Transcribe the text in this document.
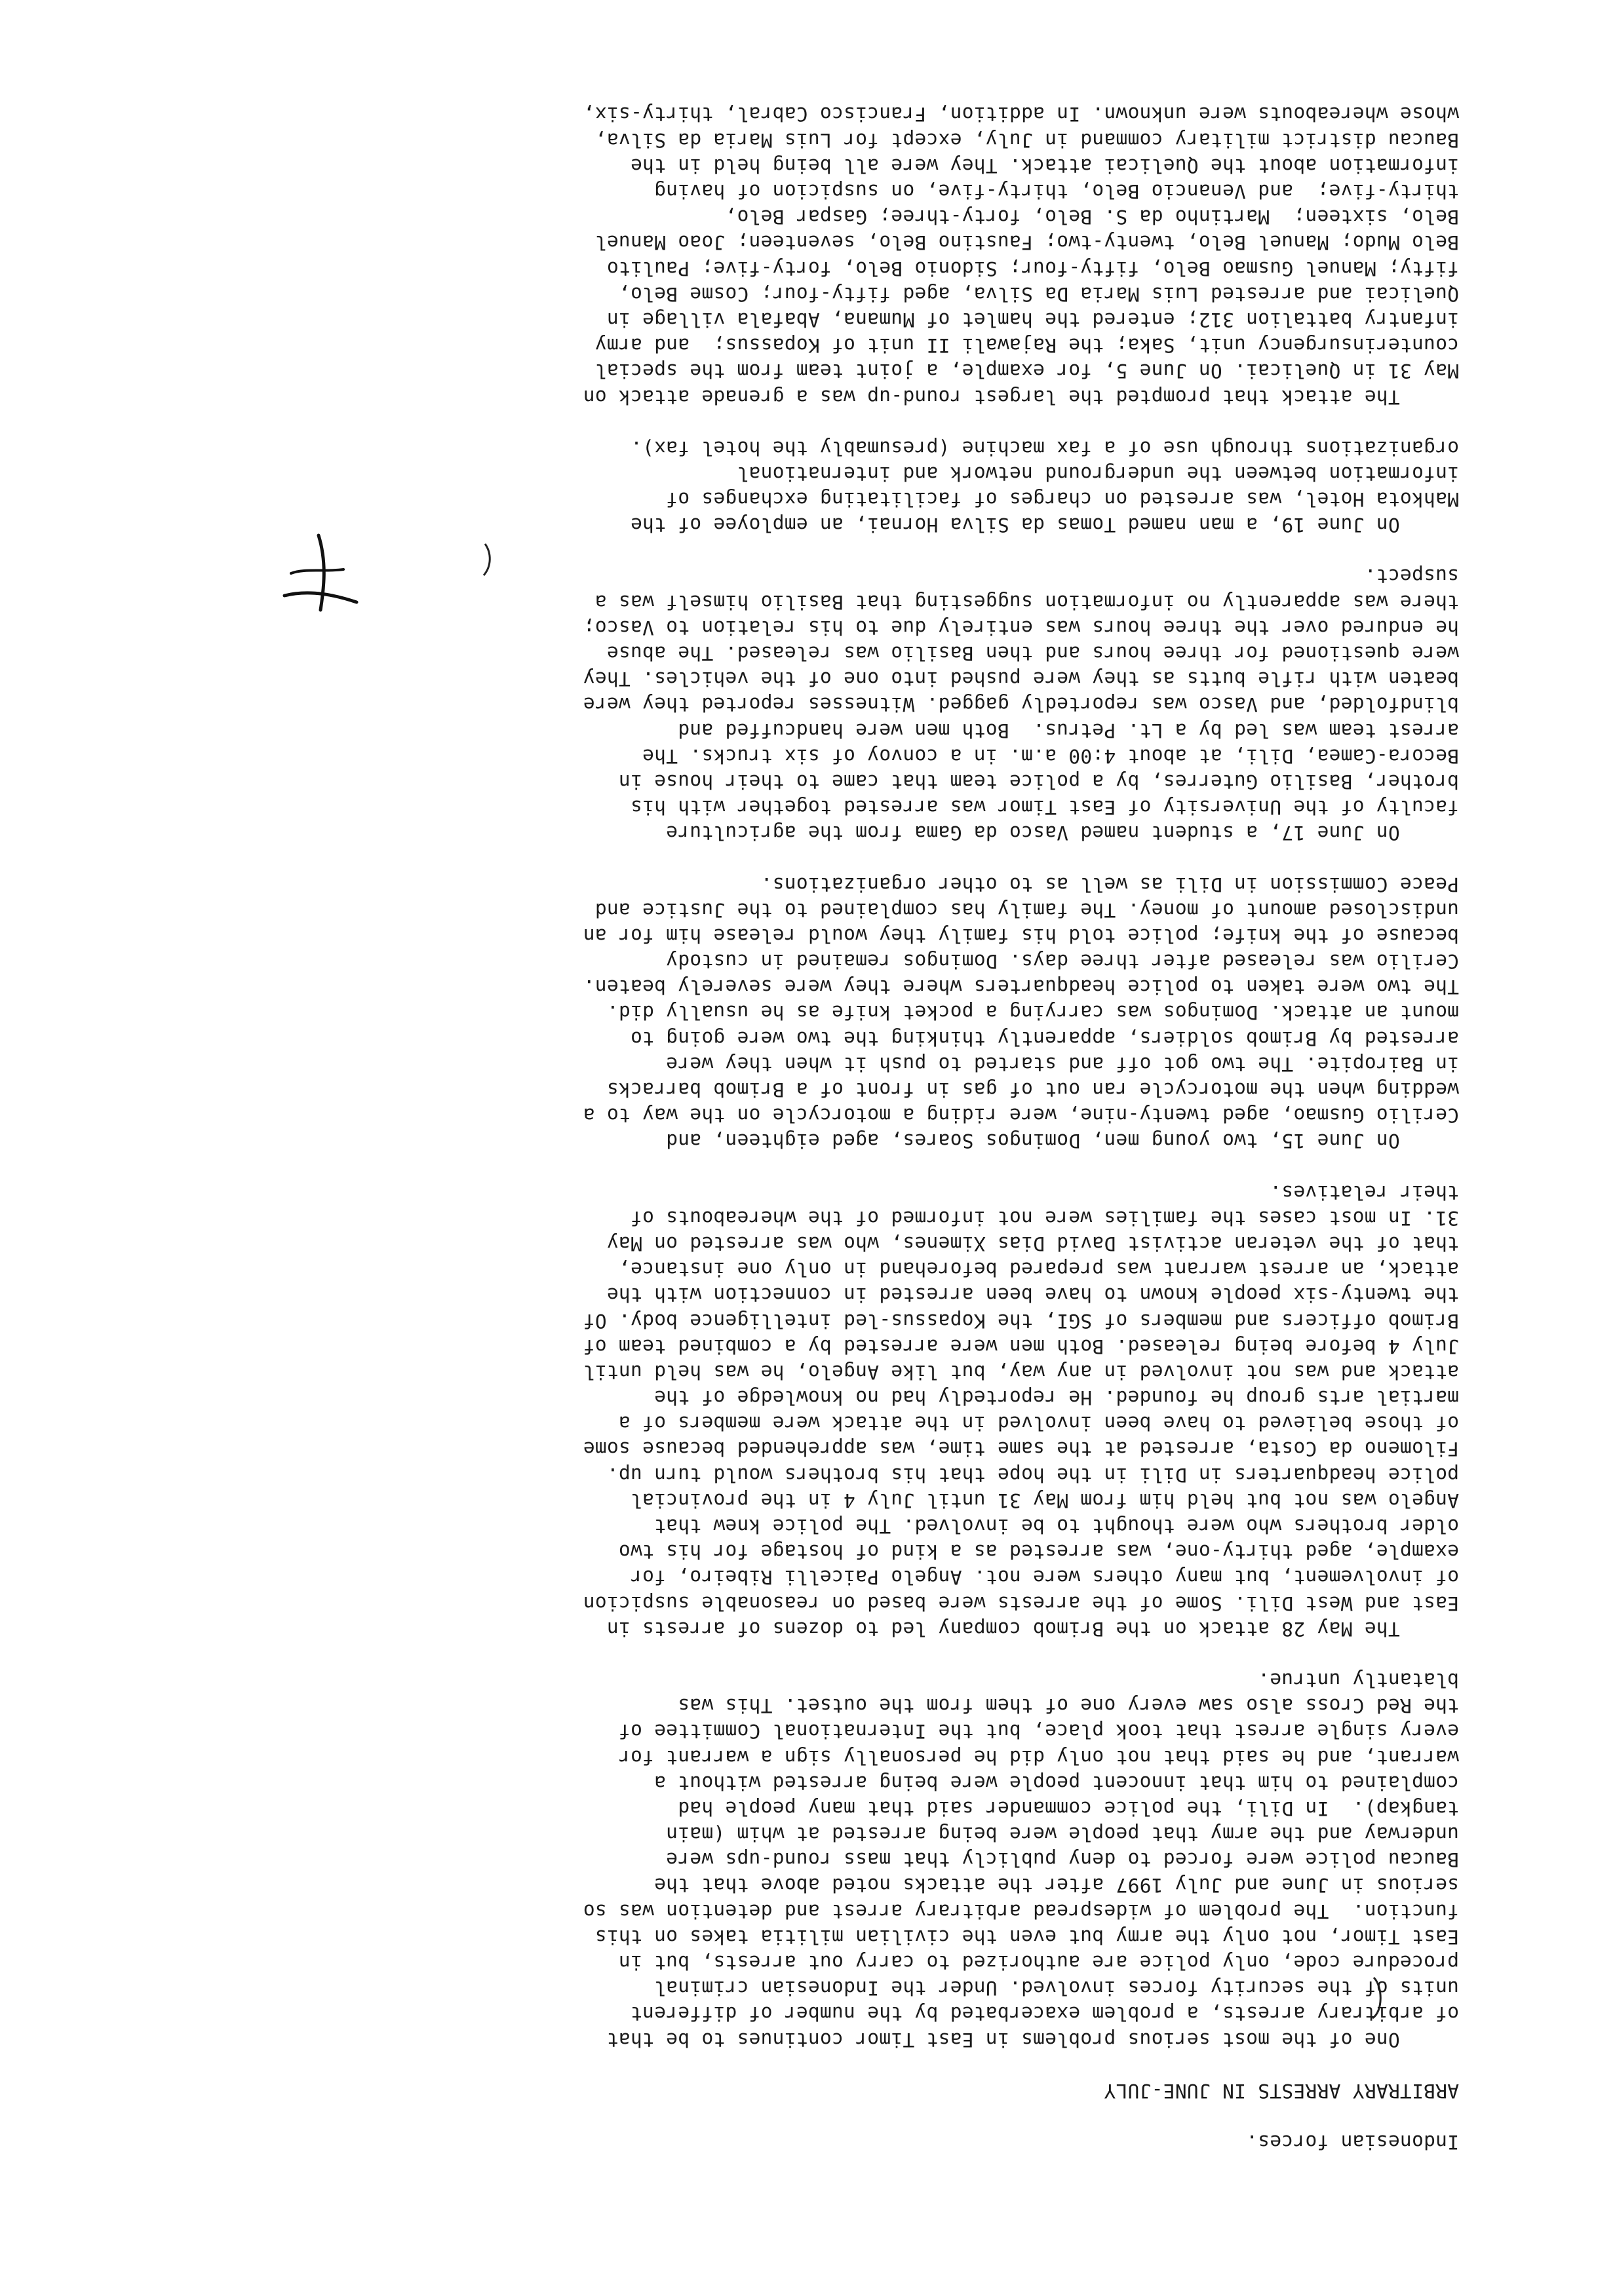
Indonesian forces.
ARBITRARY ARRESTS IN JUNE-JULY
One of the most serious problems in East Timor continues to be that
of arbitrary arrests, a problem exacerbated by the number of different
units of the security forces involved. Under the Indonesian criminal
procedure code, only police are authorized to carry out arrests, but in
East Timor, not only the army but even the civilian militia takes on this
function.  The problem of widespread arbitrary arrest and detention was so
serious in June and July 1997 after the attacks noted above that the
Baucau police were forced to deny publicly that mass round-ups were
underway and the army that people were being arrested at whim (main
tangkap).  In Dili, the police commander said that many people had
complained to him that innocent people were being arrested without a
warrant, and he said that not only did he personally sign a warrant for
every single arrest that took place, but the International Committee of
the Red Cross also saw every one of them from the outset. This was
blatantly untrue.
The May 28 attack on the Brimob company led to dozens of arrests in
East and West Dili. Some of the arrests were based on reasonable suspicion
of involvement, but many others were not. Angelo Paicelli Ribeiro, for
example, aged thirty-one, was arrested as a kind of hostage for his two
older brothers who were thought to be involved. The police knew that
Angelo was not but held him from May 31 until July 4 in the provincial
police headquarters in Dili in the hope that his brothers would turn up.
Filomeno da Costa, arrested at the same time, was apprehended because some
of those believed to have been involved in the attack were members of a
martial arts group he founded. He reportedly had no knowledge of the
attack and was not involved in any way, but like Angelo, he was held until
July 4 before being released. Both men were arrested by a combined team of
Brimob officers and members of SGI, the Kopassus-led intelligence body. Of
the twenty-six people known to have been arrested in connection with the
attack, an arrest warrant was prepared beforehand in only one instance,
that of the veteran activist David Dias Ximenes, who was arrested on May
31. In most cases the families were not informed of the whereabouts of
their relatives.
On June 15, two young men, Domingos Soares, aged eighteen, and
Cerilio Gusmao, aged twenty-nine, were riding a motorcycle on the way to a
wedding when the motorcycle ran out of gas in front of a Brimob barracks
in Bairopite. The two got off and started to push it when they were
arrested by Brimob soldiers, apparently thinking the two were going to
mount an attack. Domingos was carrying a pocket knife as he usually did.
The two were taken to police headquarters where they were severely beaten.
Cerilio was released after three days. Domingos remained in custody
because of the knife; police told his family they would release him for an
undisclosed amount of money. The family has complained to the Justice and
Peace Commission in Dili as well as to other organizations.
On June 17, a student named Vasco da Gama from the agriculture
faculty of the University of East Timor was arrested together with his
brother, Basilio Guterres, by a police team that came to their house in
Becora-Camea, Dili, at about 4:00 a.m. in a convoy of six trucks. The
arrest team was led by a Lt. Petrus.  Both men were handcuffed and
blindfolded, and Vasco was reportedly gagged. Witnesses reported they were
beaten with rifle butts as they were pushed into one of the vehicles. They
were questioned for three hours and then Basilio was released. The abuse
he endured over the three hours was entirely due to his relation to Vasco;
there was apparently no information suggesting that Basilio himself was a
suspect.
On June 19, a man named Tomas da Silva Hornai, an employee of the
Mahkota Hotel, was arrested on charges of facilitating exchanges of
information between the underground network and international
organizations through use of a fax machine (presumably the hotel fax).
The attack that prompted the largest round-up was a grenade attack on
May 31 in Quelicai. On June 5, for example, a joint team from the special
counterinsurgency unit, Saka; the Rajawali II unit of Kopassus;  and army
infantry battalion 312; entered the hamlet of Mumana, Abafala village in
Quelicai and arrested Luis Maria Da Silva, aged fifty-four; Cosme Belo,
fifty; Manuel Gusmao Belo, fifty-four; Sidonio Belo, forty-five; Paulito
Belo Mudo; Manuel Belo, twenty-two; Faustino Belo, seventeen; Joao Manuel
Belo, sixteen;  Martinho da S. Belo, forty-three; Gaspar Belo,
thirty-five;  and Venancio Belo, thirty-five, on suspicion of having
information about the Quelicai attack. They were all being held in the
Baucau district military command in July, except for Luis Maria da Silva,
whose whereabouts were unknown. In addition, Francisco Cabral, thirty-six,
